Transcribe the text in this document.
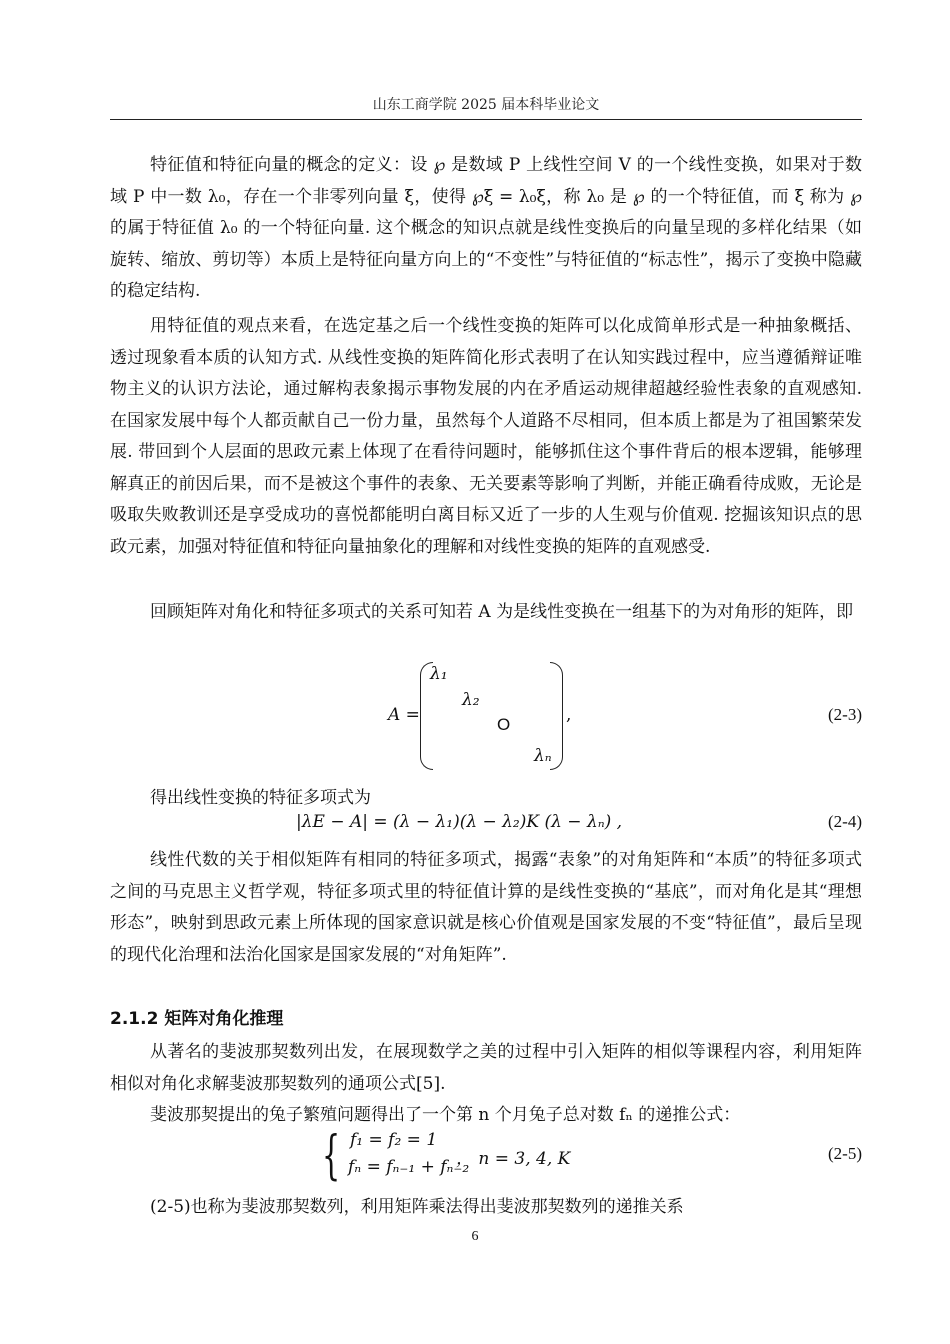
山东工商学院 2025 届本科毕业论文

特征值和特征向量的概念的定义：设 ℘ 是数域 P 上线性空间 V 的一个线性变换，如果对于数域 P 中一数 λ₀，存在一个非零列向量 ξ，使得 ℘ξ = λ₀ξ，称 λ₀ 是 ℘ 的一个特征值，而 ξ 称为 ℘ 的属于特征值 λ₀ 的一个特征向量. 这个概念的知识点就是线性变换后的向量呈现的多样化结果（如旋转、缩放、剪切等）本质上是特征向量方向上的“不变性”与特征值的“标志性”，揭示了变换中隐藏的稳定结构.

用特征值的观点来看，在选定基之后一个线性变换的矩阵可以化成简单形式是一种抽象概括、透过现象看本质的认知方式. 从线性变换的矩阵简化形式表明了在认知实践过程中，应当遵循辩证唯物主义的认识方法论，通过解构表象揭示事物发展的内在矛盾运动规律超越经验性表象的直观感知. 在国家发展中每个人都贡献自己一份力量，虽然每个人道路不尽相同，但本质上都是为了祖国繁荣发展. 带回到个人层面的思政元素上体现了在看待问题时，能够抓住这个事件背后的根本逻辑，能够理解真正的前因后果，而不是被这个事件的表象、无关要素等影响了判断，并能正确看待成败，无论是吸取失败教训还是享受成功的喜悦都能明白离目标又近了一步的人生观与价值观. 挖掘该知识点的思政元素，加强对特征值和特征向量抽象化的理解和对线性变换的矩阵的直观感受.

回顾矩阵对角化和特征多项式的关系可知若 A 为是线性变换在一组基下的为对角形的矩阵，即

A =
λ₁
λ₂
O
λₙ
,	(2-3)

得出线性变换的特征多项式为

|λE − A| = (λ − λ₁)(λ − λ₂)K (λ − λₙ) ,	(2-4)

线性代数的关于相似矩阵有相同的特征多项式，揭露“表象”的对角矩阵和“本质”的特征多项式之间的马克思主义哲学观，特征多项式里的特征值计算的是线性变换的“基底”，而对角化是其“理想形态”，映射到思政元素上所体现的国家意识就是核心价值观是国家发展的不变“特征值”，最后呈现的现代化治理和法治化国家是国家发展的“对角矩阵”.

2.1.2 矩阵对角化推理

从著名的斐波那契数列出发，在展现数学之美的过程中引入矩阵的相似等课程内容，利用矩阵相似对角化求解斐波那契数列的通项公式[5].

斐波那契提出的兔子繁殖问题得出了一个第 n 个月兔子总对数 fₙ 的递推公式：

{ f₁ = f₂ = 1
fₙ = fₙ₋₁ + fₙ₋₂
， n = 3, 4, K	(2-5)

(2-5)也称为斐波那契数列，利用矩阵乘法得出斐波那契数列的递推关系

6
